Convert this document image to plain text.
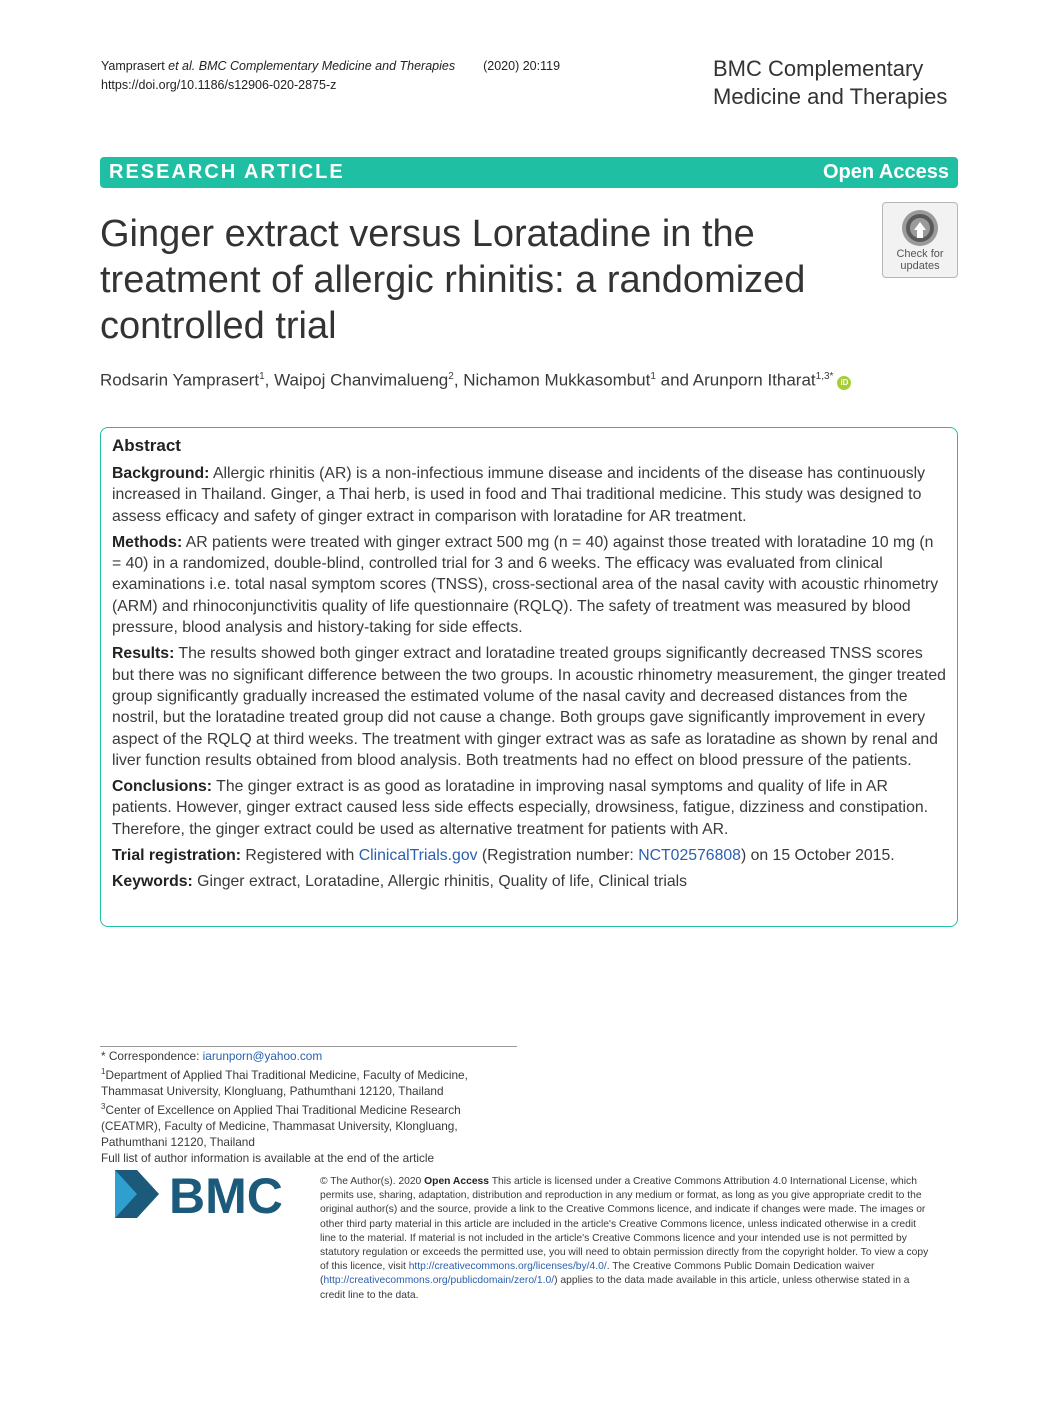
Yamprasert et al. BMC Complementary Medicine and Therapies (2020) 20:119
https://doi.org/10.1186/s12906-020-2875-z
BMC Complementary
Medicine and Therapies
RESEARCH ARTICLE	Open Access
Ginger extract versus Loratadine in the treatment of allergic rhinitis: a randomized controlled trial
Check for
updates
Rodsarin Yamprasert$^1$, Waipoj Chanvimalueng$^2$, Nichamon Mukkasombut$^1$ and Arunporn Itharat$^{1,3*}$iD
Abstract

Background: Allergic rhinitis (AR) is a non-infectious immune disease and incidents of the disease has continuously increased in Thailand. Ginger, a Thai herb, is used in food and Thai traditional medicine. This study was designed to assess efficacy and safety of ginger extract in comparison with loratadine for AR treatment.

Methods: AR patients were treated with ginger extract 500 mg (n = 40) against those treated with loratadine 10 mg (n = 40) in a randomized, double-blind, controlled trial for 3 and 6 weeks. The efficacy was evaluated from clinical examinations i.e. total nasal symptom scores (TNSS), cross-sectional area of the nasal cavity with acoustic rhinometry (ARM) and rhinoconjunctivitis quality of life questionnaire (RQLQ). The safety of treatment was measured by blood pressure, blood analysis and history-taking for side effects.

Results: The results showed both ginger extract and loratadine treated groups significantly decreased TNSS scores but there was no significant difference between the two groups. In acoustic rhinometry measurement, the ginger treated group significantly gradually increased the estimated volume of the nasal cavity and decreased distances from the nostril, but the loratadine treated group did not cause a change. Both groups gave significantly improvement in every aspect of the RQLQ at third weeks. The treatment with ginger extract was as safe as loratadine as shown by renal and liver function results obtained from blood analysis. Both treatments had no effect on blood pressure of the patients.

Conclusions: The ginger extract is as good as loratadine in improving nasal symptoms and quality of life in AR patients. However, ginger extract caused less side effects especially, drowsiness, fatigue, dizziness and constipation. Therefore, the ginger extract could be used as alternative treatment for patients with AR.

Trial registration: Registered with ClinicalTrials.gov (Registration number: NCT02576808) on 15 October 2015.

Keywords: Ginger extract, Loratadine, Allergic rhinitis, Quality of life, Clinical trials

* Correspondence: iarunporn@yahoo.com
$^1$Department of Applied Thai Traditional Medicine, Faculty of Medicine,
Thammasat University, Klongluang, Pathumthani 12120, Thailand
$^3$Center of Excellence on Applied Thai Traditional Medicine Research
(CEATMR), Faculty of Medicine, Thammasat University, Klongluang,
Pathumthani 12120, Thailand
Full list of author information is available at the end of the article
BMC	© The Author(s). 2020 Open Access This article is licensed under a Creative Commons Attribution 4.0 International License, which permits use, sharing, adaptation, distribution and reproduction in any medium or format, as long as you give appropriate credit to the original author(s) and the source, provide a link to the Creative Commons licence, and indicate if changes were made. The images or other third party material in this article are included in the article's Creative Commons licence, unless indicated otherwise in a credit line to the material. If material is not included in the article's Creative Commons licence and your intended use is not permitted by statutory regulation or exceeds the permitted use, you will need to obtain permission directly from the copyright holder. To view a copy of this licence, visit http://creativecommons.org/licenses/by/4.0/. The Creative Commons Public Domain Dedication waiver (http://creativecommons.org/publicdomain/zero/1.0/) applies to the data made available in this article, unless otherwise stated in a credit line to the data.
